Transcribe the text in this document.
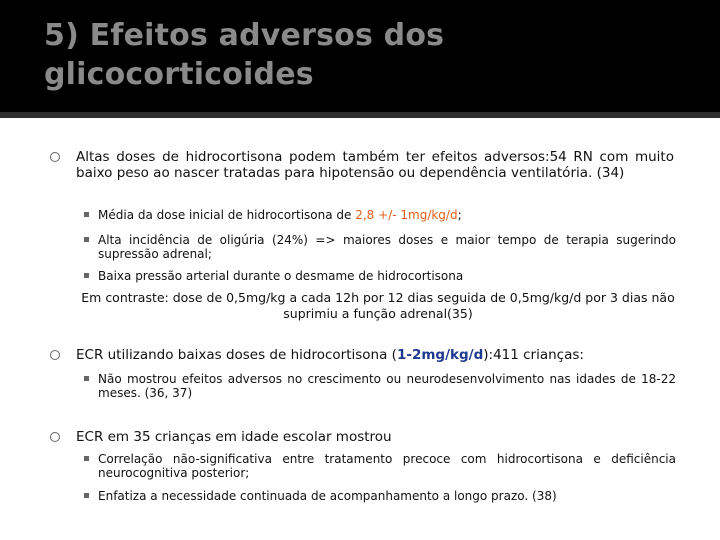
5) Efeitos adversos dos glicocorticoides
Altas doses de hidrocortisona podem também ter efeitos adversos:54 RN com muito baixo peso ao nascer tratadas para hipotensão ou dependência ventilatória. (34)
Média da dose inicial de hidrocortisona de 2,8 +/- 1mg/kg/d;
Alta incidência de oligúria (24%) => maiores doses e maior tempo de terapia sugerindo supressão adrenal;
Baixa pressão arterial durante o desmame de hidrocortisona
Em contraste: dose de 0,5mg/kg a cada 12h por 12 dias seguida de 0,5mg/kg/d por 3 dias não suprimiu a função adrenal(35)
ECR utilizando baixas doses de hidrocortisona (1-2mg/kg/d):411 crianças:
Não mostrou efeitos adversos no crescimento ou neurodesenvolvimento nas idades de 18-22 meses. (36, 37)
ECR em 35 crianças em idade escolar mostrou
Correlação não-significativa entre tratamento precoce com hidrocortisona e deficiência neurocognitiva posterior;
Enfatiza a necessidade continuada de acompanhamento a longo prazo. (38)
